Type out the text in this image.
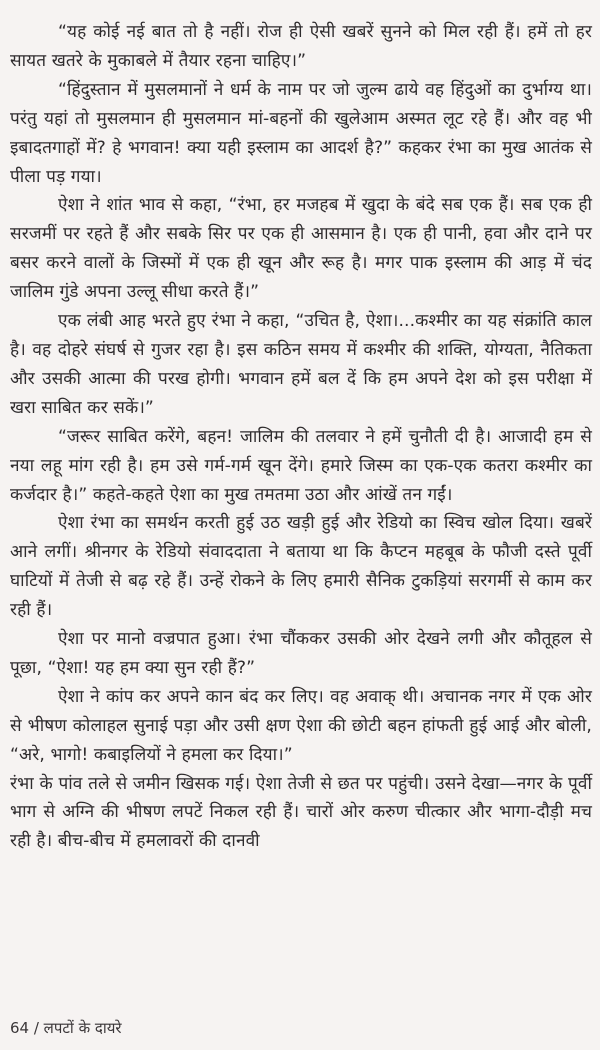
“यह कोई नई बात तो है नहीं। रोज ही ऐसी खबरें सुनने को मिल रही हैं। हमें तो हर सायत खतरे के मुकाबले में तैयार रहना चाहिए।”

“हिंदुस्तान में मुसलमानों ने धर्म के नाम पर जो जुल्म ढाये वह हिंदुओं का दुर्भाग्य था। परंतु यहां तो मुसलमान ही मुसलमान मां-बहनों की खुलेआम अस्मत लूट रहे हैं। और वह भी इबादतगाहों में? हे भगवान! क्या यही इस्लाम का आदर्श है?” कहकर रंभा का मुख आतंक से पीला पड़ गया।

ऐशा ने शांत भाव से कहा, “रंभा, हर मजहब में खुदा के बंदे सब एक हैं। सब एक ही सरजमीं पर रहते हैं और सबके सिर पर एक ही आसमान है। एक ही पानी, हवा और दाने पर बसर करने वालों के जिस्मों में एक ही खून और रूह है। मगर पाक इस्लाम की आड़ में चंद जालिम गुंडे अपना उल्लू सीधा करते हैं।”

एक लंबी आह भरते हुए रंभा ने कहा, “उचित है, ऐशा।...कश्मीर का यह संक्रांति काल है। वह दोहरे संघर्ष से गुजर रहा है। इस कठिन समय में कश्मीर की शक्ति, योग्यता, नैतिकता और उसकी आत्मा की परख होगी। भगवान हमें बल दें कि हम अपने देश को इस परीक्षा में खरा साबित कर सकें।”

“जरूर साबित करेंगे, बहन! जालिम की तलवार ने हमें चुनौती दी है। आजादी हम से नया लहू मांग रही है। हम उसे गर्म-गर्म खून देंगे। हमारे जिस्म का एक-एक कतरा कश्मीर का कर्जदार है।” कहते-कहते ऐशा का मुख तमतमा उठा और आंखें तन गईं।

ऐशा रंभा का समर्थन करती हुई उठ खड़ी हुई और रेडियो का स्विच खोल दिया। खबरें आने लगीं। श्रीनगर के रेडियो संवाददाता ने बताया था कि कैप्टन महबूब के फौजी दस्ते पूर्वी घाटियों में तेजी से बढ़ रहे हैं। उन्हें रोकने के लिए हमारी सैनिक टुकड़ियां सरगर्मी से काम कर रही हैं।

ऐशा पर मानो वज्रपात हुआ। रंभा चौंककर उसकी ओर देखने लगी और कौतूहल से पूछा, “ऐशा! यह हम क्या सुन रही हैं?”

ऐशा ने कांप कर अपने कान बंद कर लिए। वह अवाक् थी। अचानक नगर में एक ओर से भीषण कोलाहल सुनाई पड़ा और उसी क्षण ऐशा की छोटी बहन हांफती हुई आई और बोली, “अरे, भागो! कबाइलियों ने हमला कर दिया।”

रंभा के पांव तले से जमीन खिसक गई। ऐशा तेजी से छत पर पहुंची। उसने देखा—नगर के पूर्वी भाग से अग्नि की भीषण लपटें निकल रही हैं। चारों ओर करुण चीत्कार और भागा-दौड़ी मच रही है। बीच-बीच में हमलावरों की दानवी

64 / लपटों के दायरे
